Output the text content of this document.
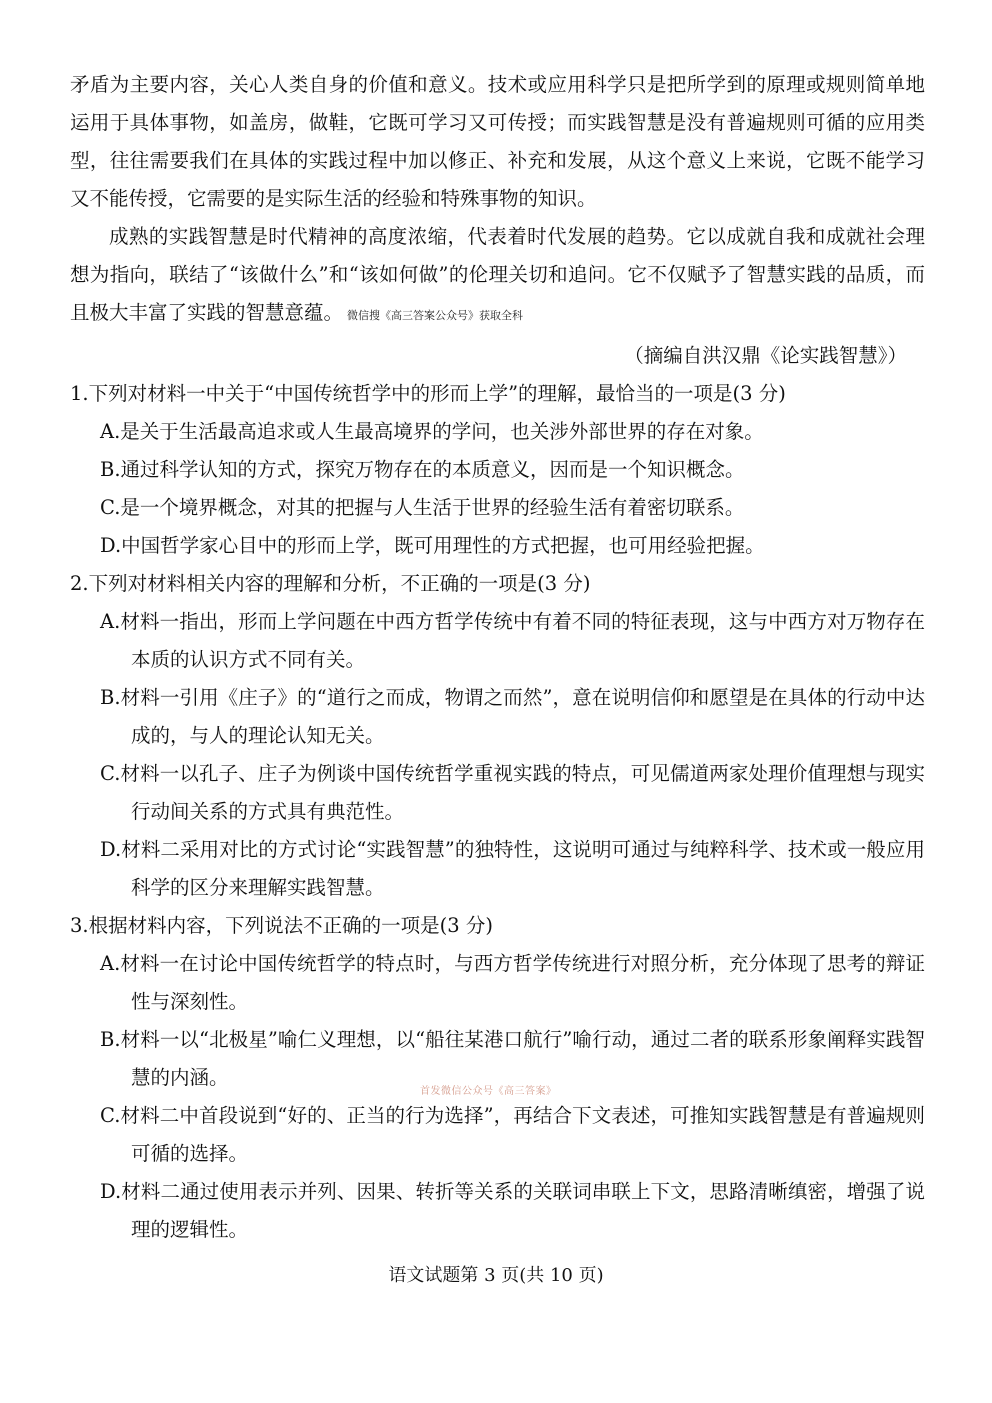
矛盾为主要内容，关心人类自身的价值和意义。技术或应用科学只是把所学到的原理或规则简单地运用于具体事物，如盖房，做鞋，它既可学习又可传授；而实践智慧是没有普遍规则可循的应用类型，往往需要我们在具体的实践过程中加以修正、补充和发展，从这个意义上来说，它既不能学习又不能传授，它需要的是实际生活的经验和特殊事物的知识。

成熟的实践智慧是时代精神的高度浓缩，代表着时代发展的趋势。它以成就自我和成就社会理想为指向，联结了“该做什么”和“该如何做”的伦理关切和追问。它不仅赋予了智慧实践的品质，而且极大丰富了实践的智慧意蕴。 微信搜《高三答案公众号》获取全科

（摘编自洪汉鼎《论实践智慧》）

1.下列对材料一中关于“中国传统哲学中的形而上学”的理解，最恰当的一项是(3 分)

A.是关于生活最高追求或人生最高境界的学问，也关涉外部世界的存在对象。

B.通过科学认知的方式，探究万物存在的本质意义，因而是一个知识概念。

C.是一个境界概念，对其的把握与人生活于世界的经验生活有着密切联系。

D.中国哲学家心目中的形而上学，既可用理性的方式把握，也可用经验把握。

2.下列对材料相关内容的理解和分析，不正确的一项是(3 分)

A.材料一指出，形而上学问题在中西方哲学传统中有着不同的特征表现，这与中西方对万物存在本质的认识方式不同有关。

B.材料一引用《庄子》的“道行之而成，物谓之而然”，意在说明信仰和愿望是在具体的行动中达成的，与人的理论认知无关。

C.材料一以孔子、庄子为例谈中国传统哲学重视实践的特点，可见儒道两家处理价值理想与现实行动间关系的方式具有典范性。

D.材料二采用对比的方式讨论“实践智慧”的独特性，这说明可通过与纯粹科学、技术或一般应用科学的区分来理解实践智慧。

3.根据材料内容，下列说法不正确的一项是(3 分)

A.材料一在讨论中国传统哲学的特点时，与西方哲学传统进行对照分析，充分体现了思考的辩证性与深刻性。

B.材料一以“北极星”喻仁义理想，以“船往某港口航行”喻行动，通过二者的联系形象阐释实践智慧的内涵。

C.材料二中首段说到“好的、正当的行为选择”，再结合下文表述，可推知实践智慧是有普遍规则可循的选择。

D.材料二通过使用表示并列、因果、转折等关系的关联词串联上下文，思路清晰缜密，增强了说理的逻辑性。

首发微信公众号《高三答案》
语文试题第 3 页(共 10 页)
